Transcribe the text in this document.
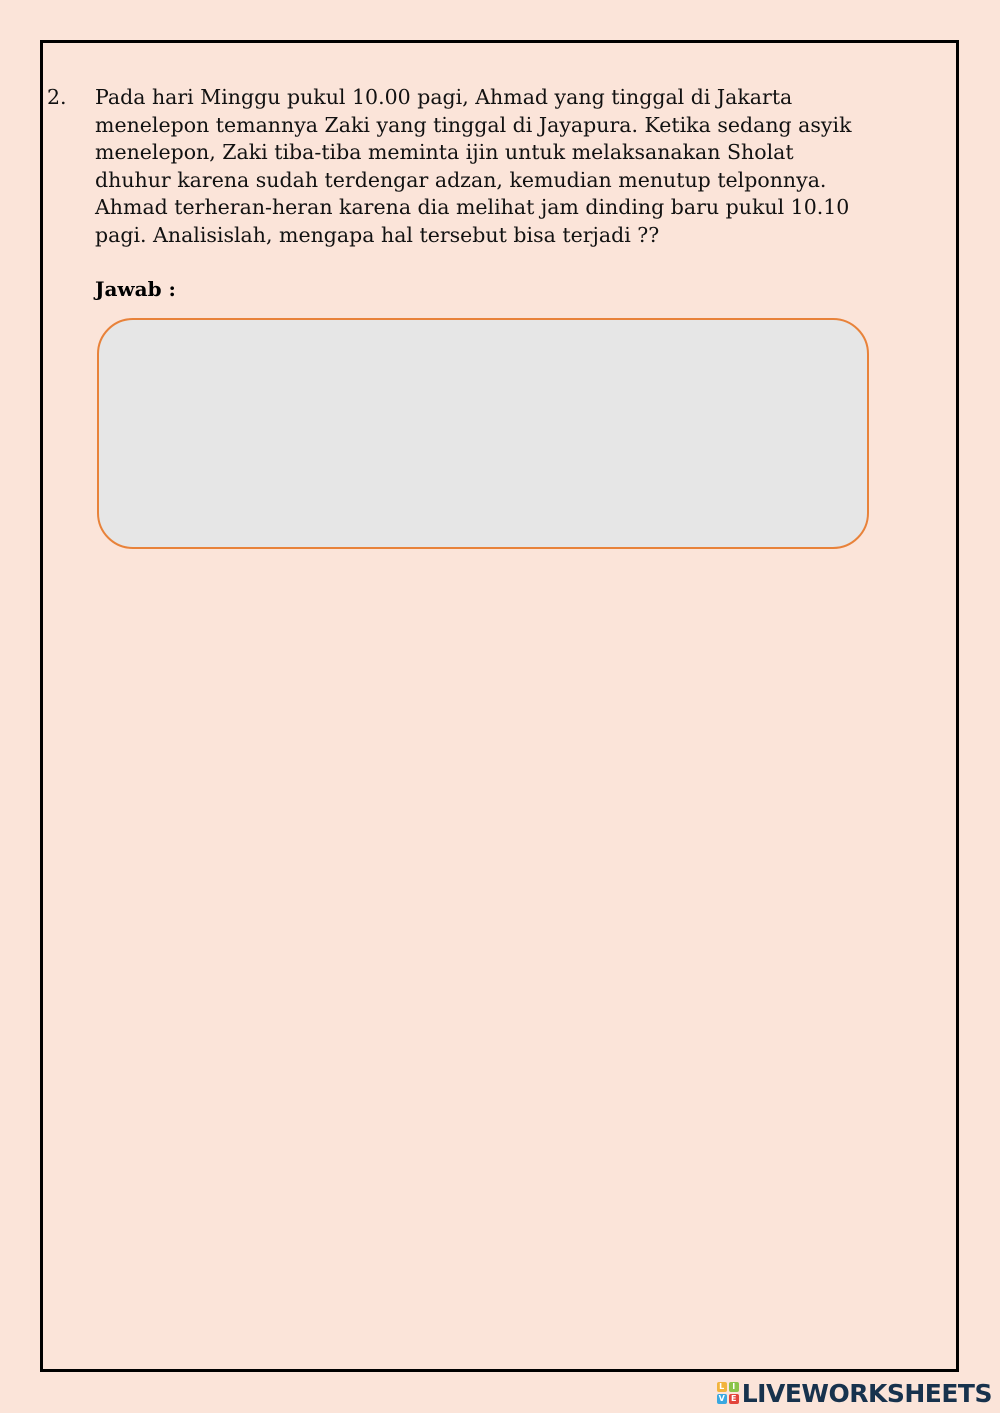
2. Pada hari Minggu pukul 10.00 pagi, Ahmad yang tinggal di Jakarta
menelepon temannya Zaki yang tinggal di Jayapura. Ketika sedang asyik
menelepon, Zaki tiba-tiba meminta ijin untuk melaksanakan Sholat
dhuhur karena sudah terdengar adzan, kemudian menutup telponnya.
Ahmad terheran-heran karena dia melihat jam dinding baru pukul 10.10
pagi. Analisislah, mengapa hal tersebut bisa terjadi ??
Jawab :
L I
V E LIVEWORKSHEETS
